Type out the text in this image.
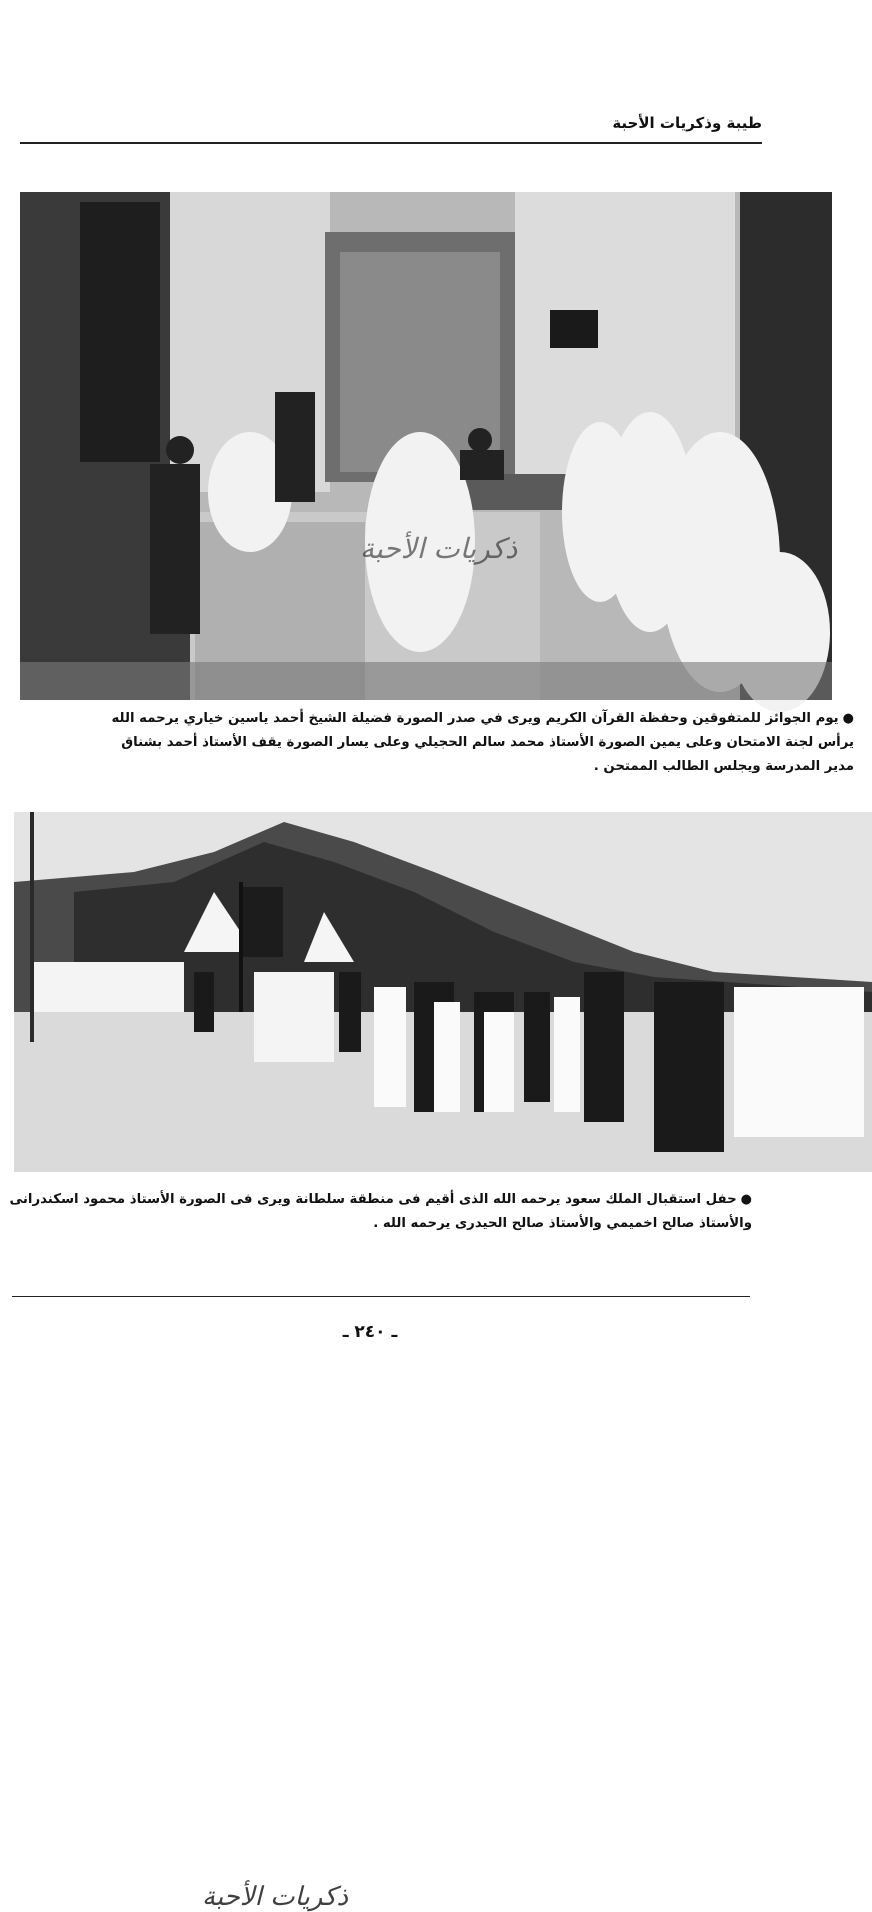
طيبة وذكريات الأحبة
ذكريات الأحبة
●يوم الجوائز للمتفوقين وحفظة القرآن الكريم ويرى في صدر الصورة فضيلة الشيخ أحمد ياسين خياري يرحمه الله
يرأس لجنة الامتحان وعلى يمين الصورة الأستاذ محمد سالم الحجيلي وعلى يسار الصورة يقف الأستاذ أحمد بشناق
مدير المدرسة ويجلس الطالب الممتحن .
ذكريات الأحبة
●حفل استقبال الملك سعود يرحمه الله الذى أقيم فى منطقة سلطانة ويرى فى الصورة الأستاذ محمود اسكندرانى
والأستاذ صالح اخميمي والأستاذ صالح الحيدرى يرحمه الله .
ـ ٢٤٠ ـ
